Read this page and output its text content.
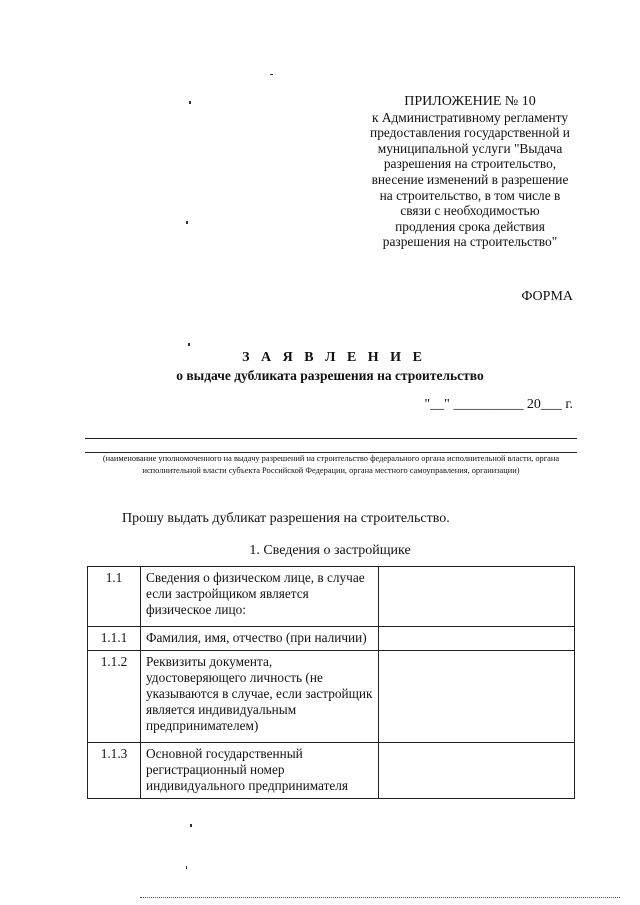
ПРИЛОЖЕНИЕ № 10
к Административному регламенту
предоставления государственной и
муниципальной услуги "Выдача
разрешения на строительство,
внесение изменений в разрешение
на строительство, в том числе в
связи с необходимостью
продления срока действия
разрешения на строительство"
ФОРМА
З А Я В Л Е Н И Е
о выдаче дубликата разрешения на строительство
"__" __________ 20___ г.
(наименование уполномоченного на выдачу разрешений на строительство федерального органа исполнительной власти, органа исполнительной власти субъекта Российской Федерации, органа местного самоуправления, организации)
Прошу выдать дубликат разрешения на строительство.
1. Сведения о застройщике
1.1	Сведения о физическом лице, в случае если застройщиком является физическое лицо:	
1.1.1	Фамилия, имя, отчество (при наличии)	
1.1.2	Реквизиты документа, удостоверяющего личность (не указываются в случае, если застройщик является индивидуальным предпринимателем)	
1.1.3	Основной государственный регистрационный номер индивидуального предпринимателя	
